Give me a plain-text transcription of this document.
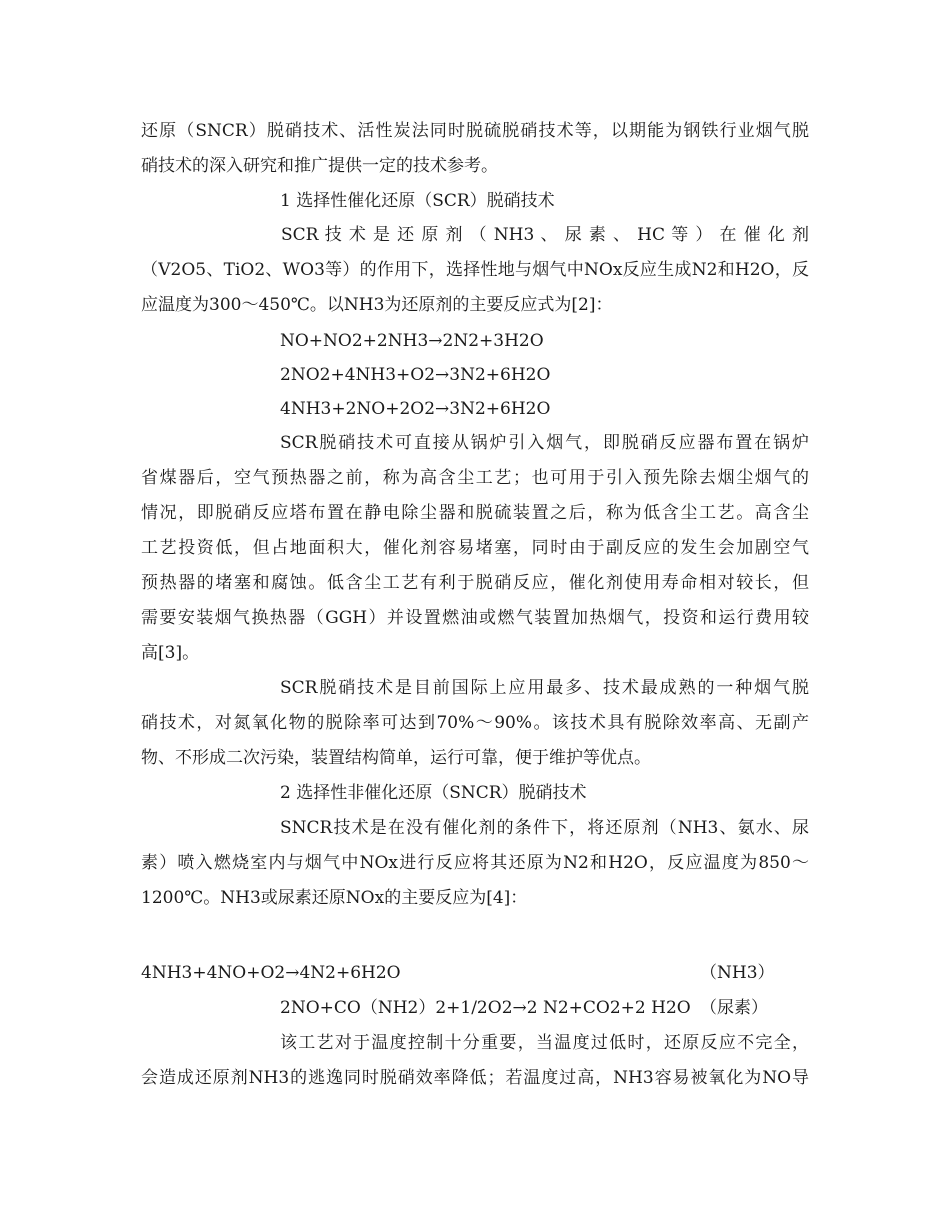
还原（SNCR）脱硝技术、活性炭法同时脱硫脱硝技术等，以期能为钢铁行业烟气脱
硝技术的深入研究和推广提供一定的技术参考。
1 选择性催化还原（SCR）脱硝技术
SCR 技 术 是 还 原 剂 （ NH3 、 尿 素 、 HC 等 ） 在 催 化 剂
（V2O5、TiO2、WO3等）的作用下，选择性地与烟气中NOx反应生成N2和H2O，反
应温度为300～450℃。以NH3为还原剂的主要反应式为[2]：
NO+NO2+2NH3→2N2+3H2O
2NO2+4NH3+O2→3N2+6H2O
4NH3+2NO+2O2→3N2+6H2O
SCR脱硝技术可直接从锅炉引入烟气，即脱硝反应器布置在锅炉
省煤器后，空气预热器之前，称为高含尘工艺；也可用于引入预先除去烟尘烟气的
情况，即脱硝反应塔布置在静电除尘器和脱硫装置之后，称为低含尘工艺。高含尘
工艺投资低，但占地面积大，催化剂容易堵塞，同时由于副反应的发生会加剧空气
预热器的堵塞和腐蚀。低含尘工艺有利于脱硝反应，催化剂使用寿命相对较长，但
需要安装烟气换热器（GGH）并设置燃油或燃气装置加热烟气，投资和运行费用较
高[3]。
SCR脱硝技术是目前国际上应用最多、技术最成熟的一种烟气脱
硝技术，对氮氧化物的脱除率可达到70%～90%。该技术具有脱除效率高、无副产
物、不形成二次污染，装置结构简单，运行可靠，便于维护等优点。
2 选择性非催化还原（SNCR）脱硝技术
SNCR技术是在没有催化剂的条件下，将还原剂（NH3、氨水、尿
素）喷入燃烧室内与烟气中NOx进行反应将其还原为N2和H2O，反应温度为850～
1200℃。NH3或尿素还原NOx的主要反应为[4]：
4NH3+4NO+O2→4N2+6H2O	（NH3）
2NO+CO（NH2）2+1/2O2→2 N2+CO2+2 H2O （尿素）
该工艺对于温度控制十分重要，当温度过低时，还原反应不完全，
会造成还原剂NH3的逃逸同时脱硝效率降低；若温度过高，NH3容易被氧化为NO导
